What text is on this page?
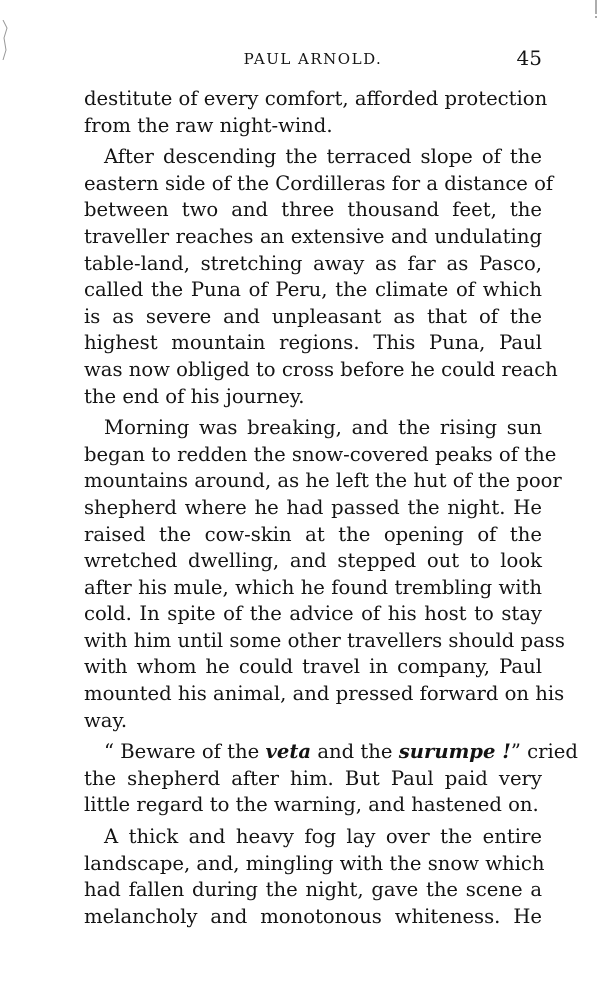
PAUL ARNOLD.	45
destitute of every comfort, afforded protection
from the raw night-wind.
After descending the terraced slope of the
eastern side of the Cordilleras for a distance of
between two and three thousand feet, the
traveller reaches an extensive and undulating
table-land, stretching away as far as Pasco,
called the Puna of Peru, the climate of which
is as severe and unpleasant as that of the
highest mountain regions. This Puna, Paul
was now obliged to cross before he could reach
the end of his journey.
Morning was breaking, and the rising sun
began to redden the snow-covered peaks of the
mountains around, as he left the hut of the poor
shepherd where he had passed the night. He
raised the cow-skin at the opening of the
wretched dwelling, and stepped out to look
after his mule, which he found trembling with
cold. In spite of the advice of his host to stay
with him until some other travellers should pass
with whom he could travel in company, Paul
mounted his animal, and pressed forward on his
way.
“ Beware of the veta and the surumpe !” cried
the shepherd after him. But Paul paid very
little regard to the warning, and hastened on.
A thick and heavy fog lay over the entire
landscape, and, mingling with the snow which
had fallen during the night, gave the scene a
melancholy and monotonous whiteness. He
